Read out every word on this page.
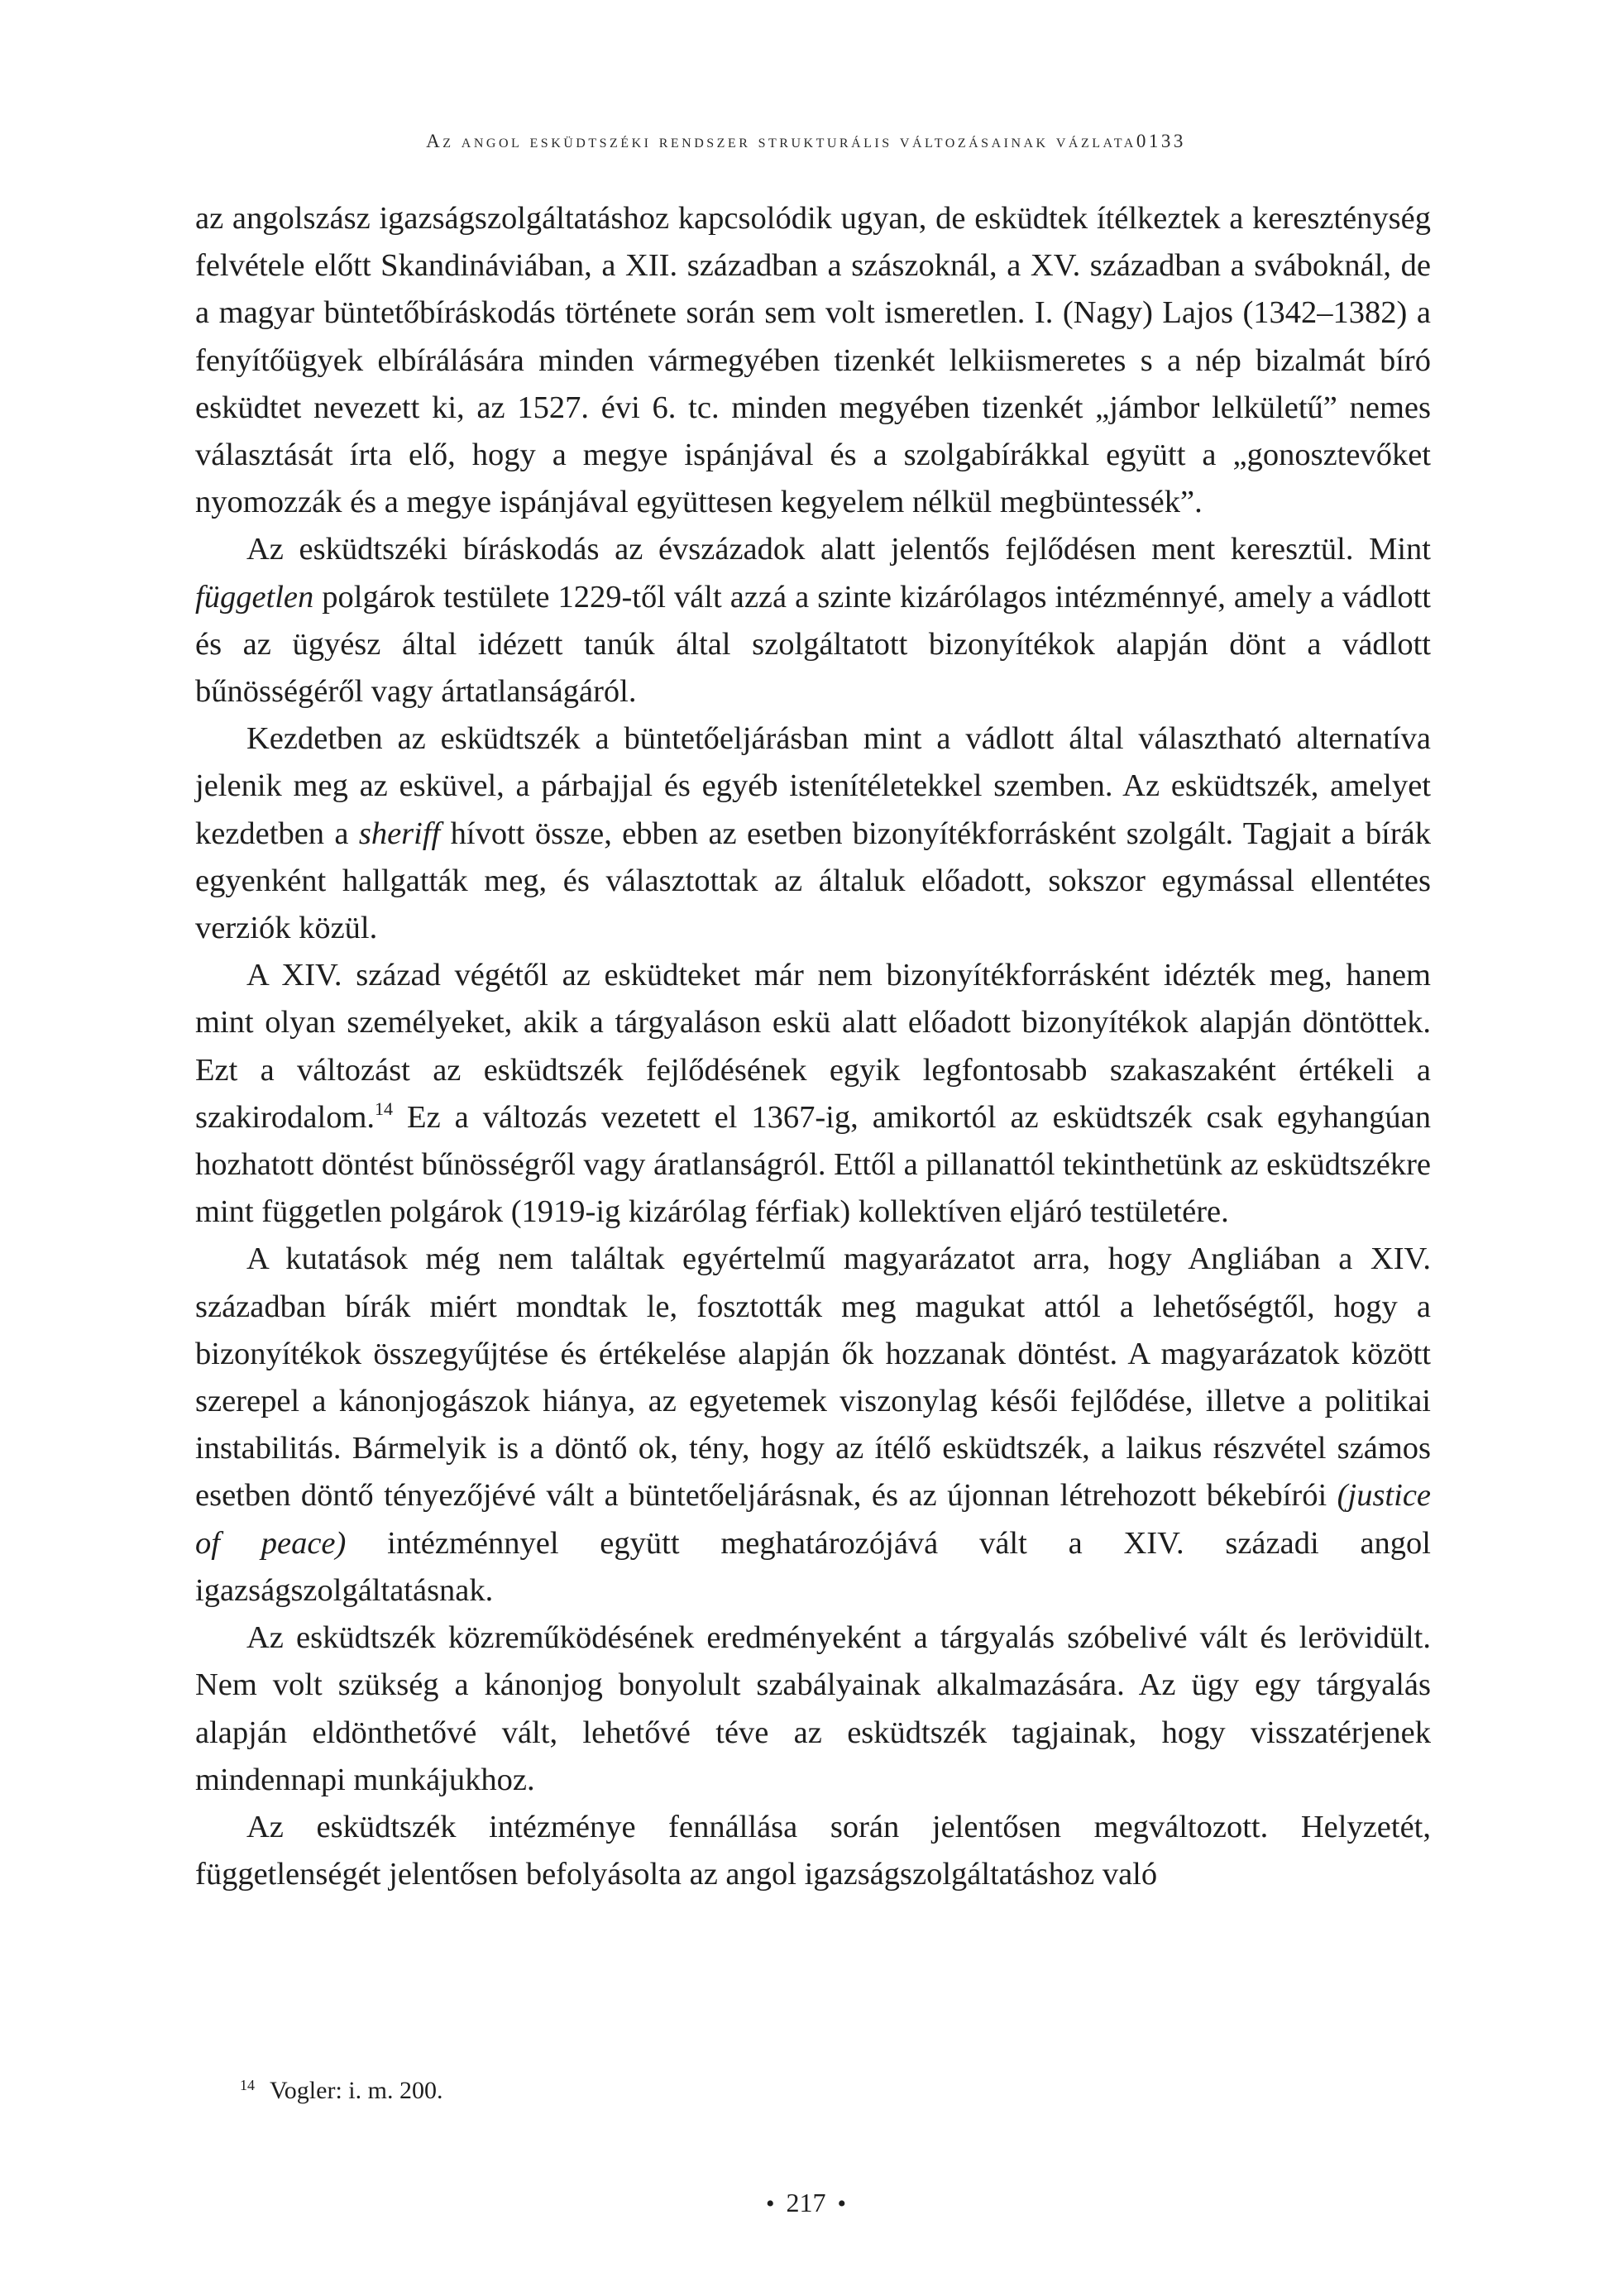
Az angol esküdtszéki rendszer strukturális változásainak vázlata0133

az angolszász igazságszolgáltatáshoz kapcsolódik ugyan, de esküdtek ítélkeztek a kereszténység felvétele előtt Skandináviában, a XII. században a szászoknál, a XV. században a sváboknál, de a magyar büntetőbíráskodás története során sem volt ismeretlen. I. (Nagy) Lajos (1342–1382) a fenyítőügyek elbírálására minden vármegyében tizenkét lelkiismeretes s a nép bizalmát bíró esküdtet nevezett ki, az 1527. évi 6. tc. minden megyében tizenkét „jámbor lelkületű” nemes választását írta elő, hogy a megye ispánjával és a szolgabírákkal együtt a „gonosztevőket nyomozzák és a megye ispánjával együttesen kegyelem nélkül megbüntessék”.

Az esküdtszéki bíráskodás az évszázadok alatt jelentős fejlődésen ment keresztül. Mint független polgárok testülete 1229-től vált azzá a szinte kizárólagos intézménnyé, amely a vádlott és az ügyész által idézett tanúk által szolgáltatott bizonyítékok alapján dönt a vádlott bűnösségéről vagy ártatlanságáról.

Kezdetben az esküdtszék a büntetőeljárásban mint a vádlott által választható alternatíva jelenik meg az esküvel, a párbajjal és egyéb istenítéletekkel szemben. Az esküdtszék, amelyet kezdetben a sheriff hívott össze, ebben az esetben bizonyítékforrásként szolgált. Tagjait a bírák egyenként hallgatták meg, és választottak az általuk előadott, sokszor egymással ellentétes verziók közül.

A XIV. század végétől az esküdteket már nem bizonyítékforrásként idézték meg, hanem mint olyan személyeket, akik a tárgyaláson eskü alatt előadott bizonyítékok alapján döntöttek. Ezt a változást az esküdtszék fejlődésének egyik legfontosabb szakaszaként értékeli a szakirodalom.$^{14}$ Ez a változás vezetett el 1367-ig, amikortól az esküdtszék csak egyhangúan hozhatott döntést bűnösségről vagy áratlanságról. Ettől a pillanattól tekinthetünk az esküdtszékre mint független polgárok (1919-ig kizárólag férfiak) kollektíven eljáró testületére.

A kutatások még nem találtak egyértelmű magyarázatot arra, hogy Angliában a XIV. században bírák miért mondtak le, fosztották meg magukat attól a lehetőségtől, hogy a bizonyítékok összegyűjtése és értékelése alapján ők hozzanak döntést. A magyarázatok között szerepel a kánonjogászok hiánya, az egyetemek viszonylag késői fejlődése, illetve a politikai instabilitás. Bármelyik is a döntő ok, tény, hogy az ítélő esküdtszék, a laikus részvétel számos esetben döntő tényezőjévé vált a büntetőeljárásnak, és az újonnan létrehozott békebírói (justice of peace) intézménnyel együtt meghatározójává vált a XIV. századi angol igazságszolgáltatásnak.

Az esküdtszék közreműködésének eredményeként a tárgyalás szóbelivé vált és lerövidült. Nem volt szükség a kánonjog bonyolult szabályainak alkalmazására. Az ügy egy tárgyalás alapján eldönthetővé vált, lehetővé téve az esküdtszék tagjainak, hogy visszatérjenek mindennapi munkájukhoz.

Az esküdtszék intézménye fennállása során jelentősen megváltozott. Helyzetét, függetlenségét jelentősen befolyásolta az angol igazságszolgáltatáshoz való

$^{14}$ Vogler: i. m. 200.
• 217 •
